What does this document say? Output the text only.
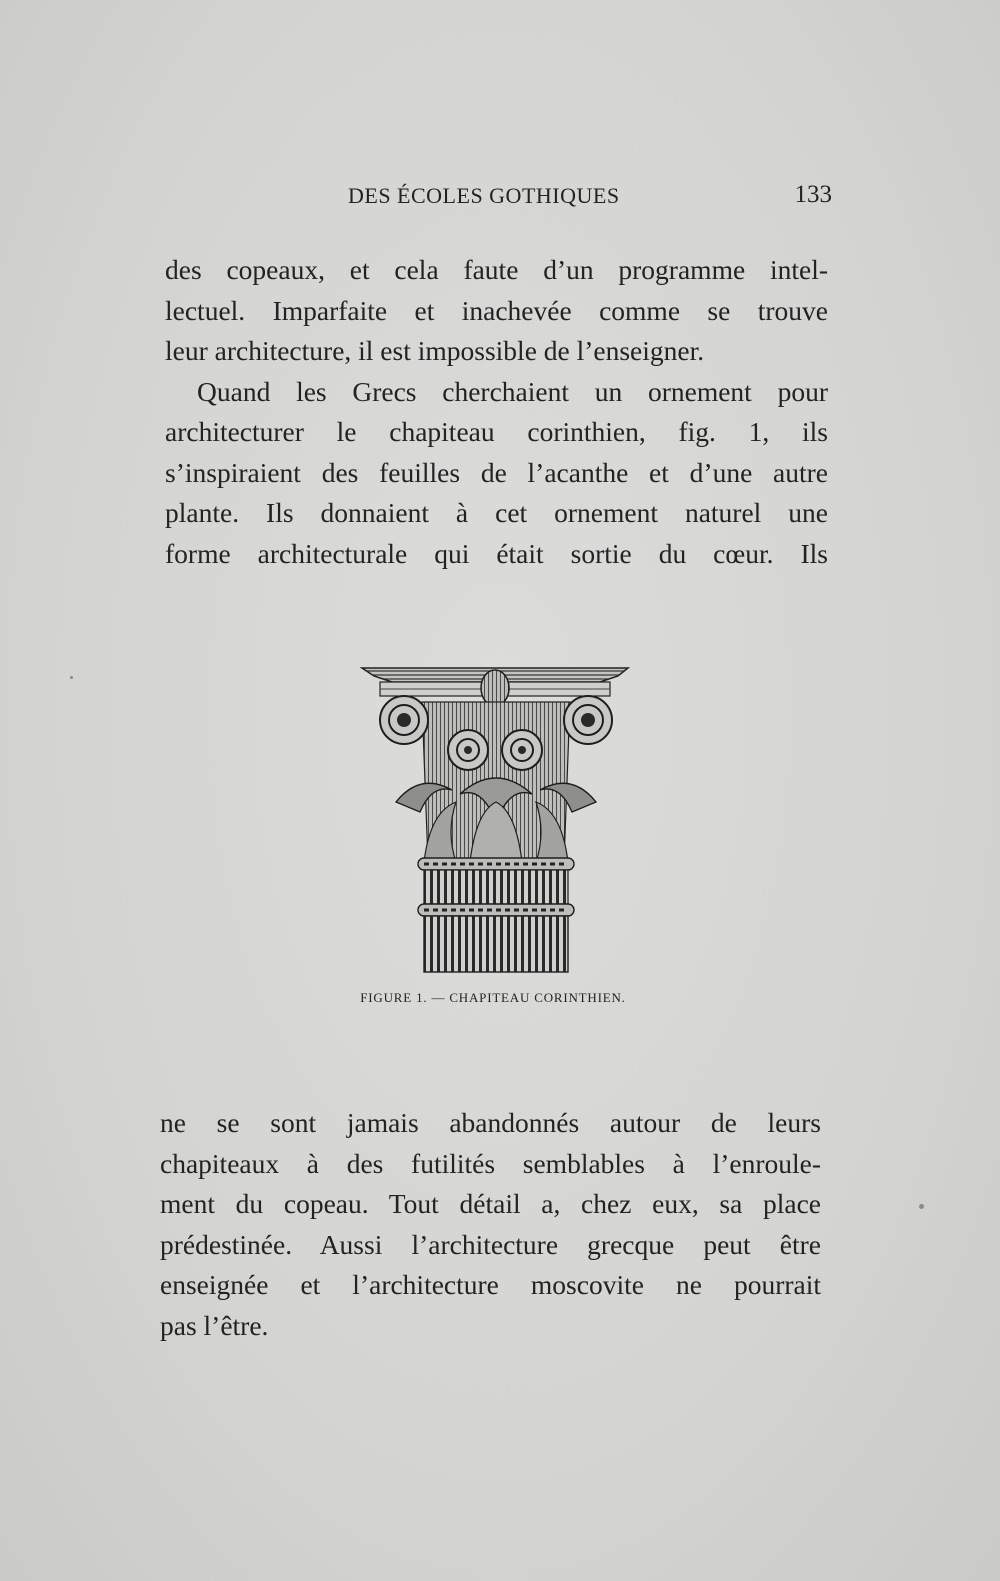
DES ÉCOLES GOTHIQUES	133
des copeaux, et cela faute d’un programme intel-
lectuel. Imparfaite et inachevée comme se trouve
leur architecture, il est impossible de l’enseigner.
Quand les Grecs cherchaient un ornement pour
architecturer le chapiteau corinthien, fig. 1, ils
s’inspiraient des feuilles de l’acanthe et d’une autre
plante. Ils donnaient à cet ornement naturel une
forme architecturale qui était sortie du cœur. Ils
FIGURE 1. — CHAPITEAU CORINTHIEN.
ne se sont jamais abandonnés autour de leurs
chapiteaux à des futilités semblables à l’enroule-
ment du copeau. Tout détail a, chez eux, sa place
prédestinée. Aussi l’architecture grecque peut être
enseignée et l’architecture moscovite ne pourrait
pas l’être.
